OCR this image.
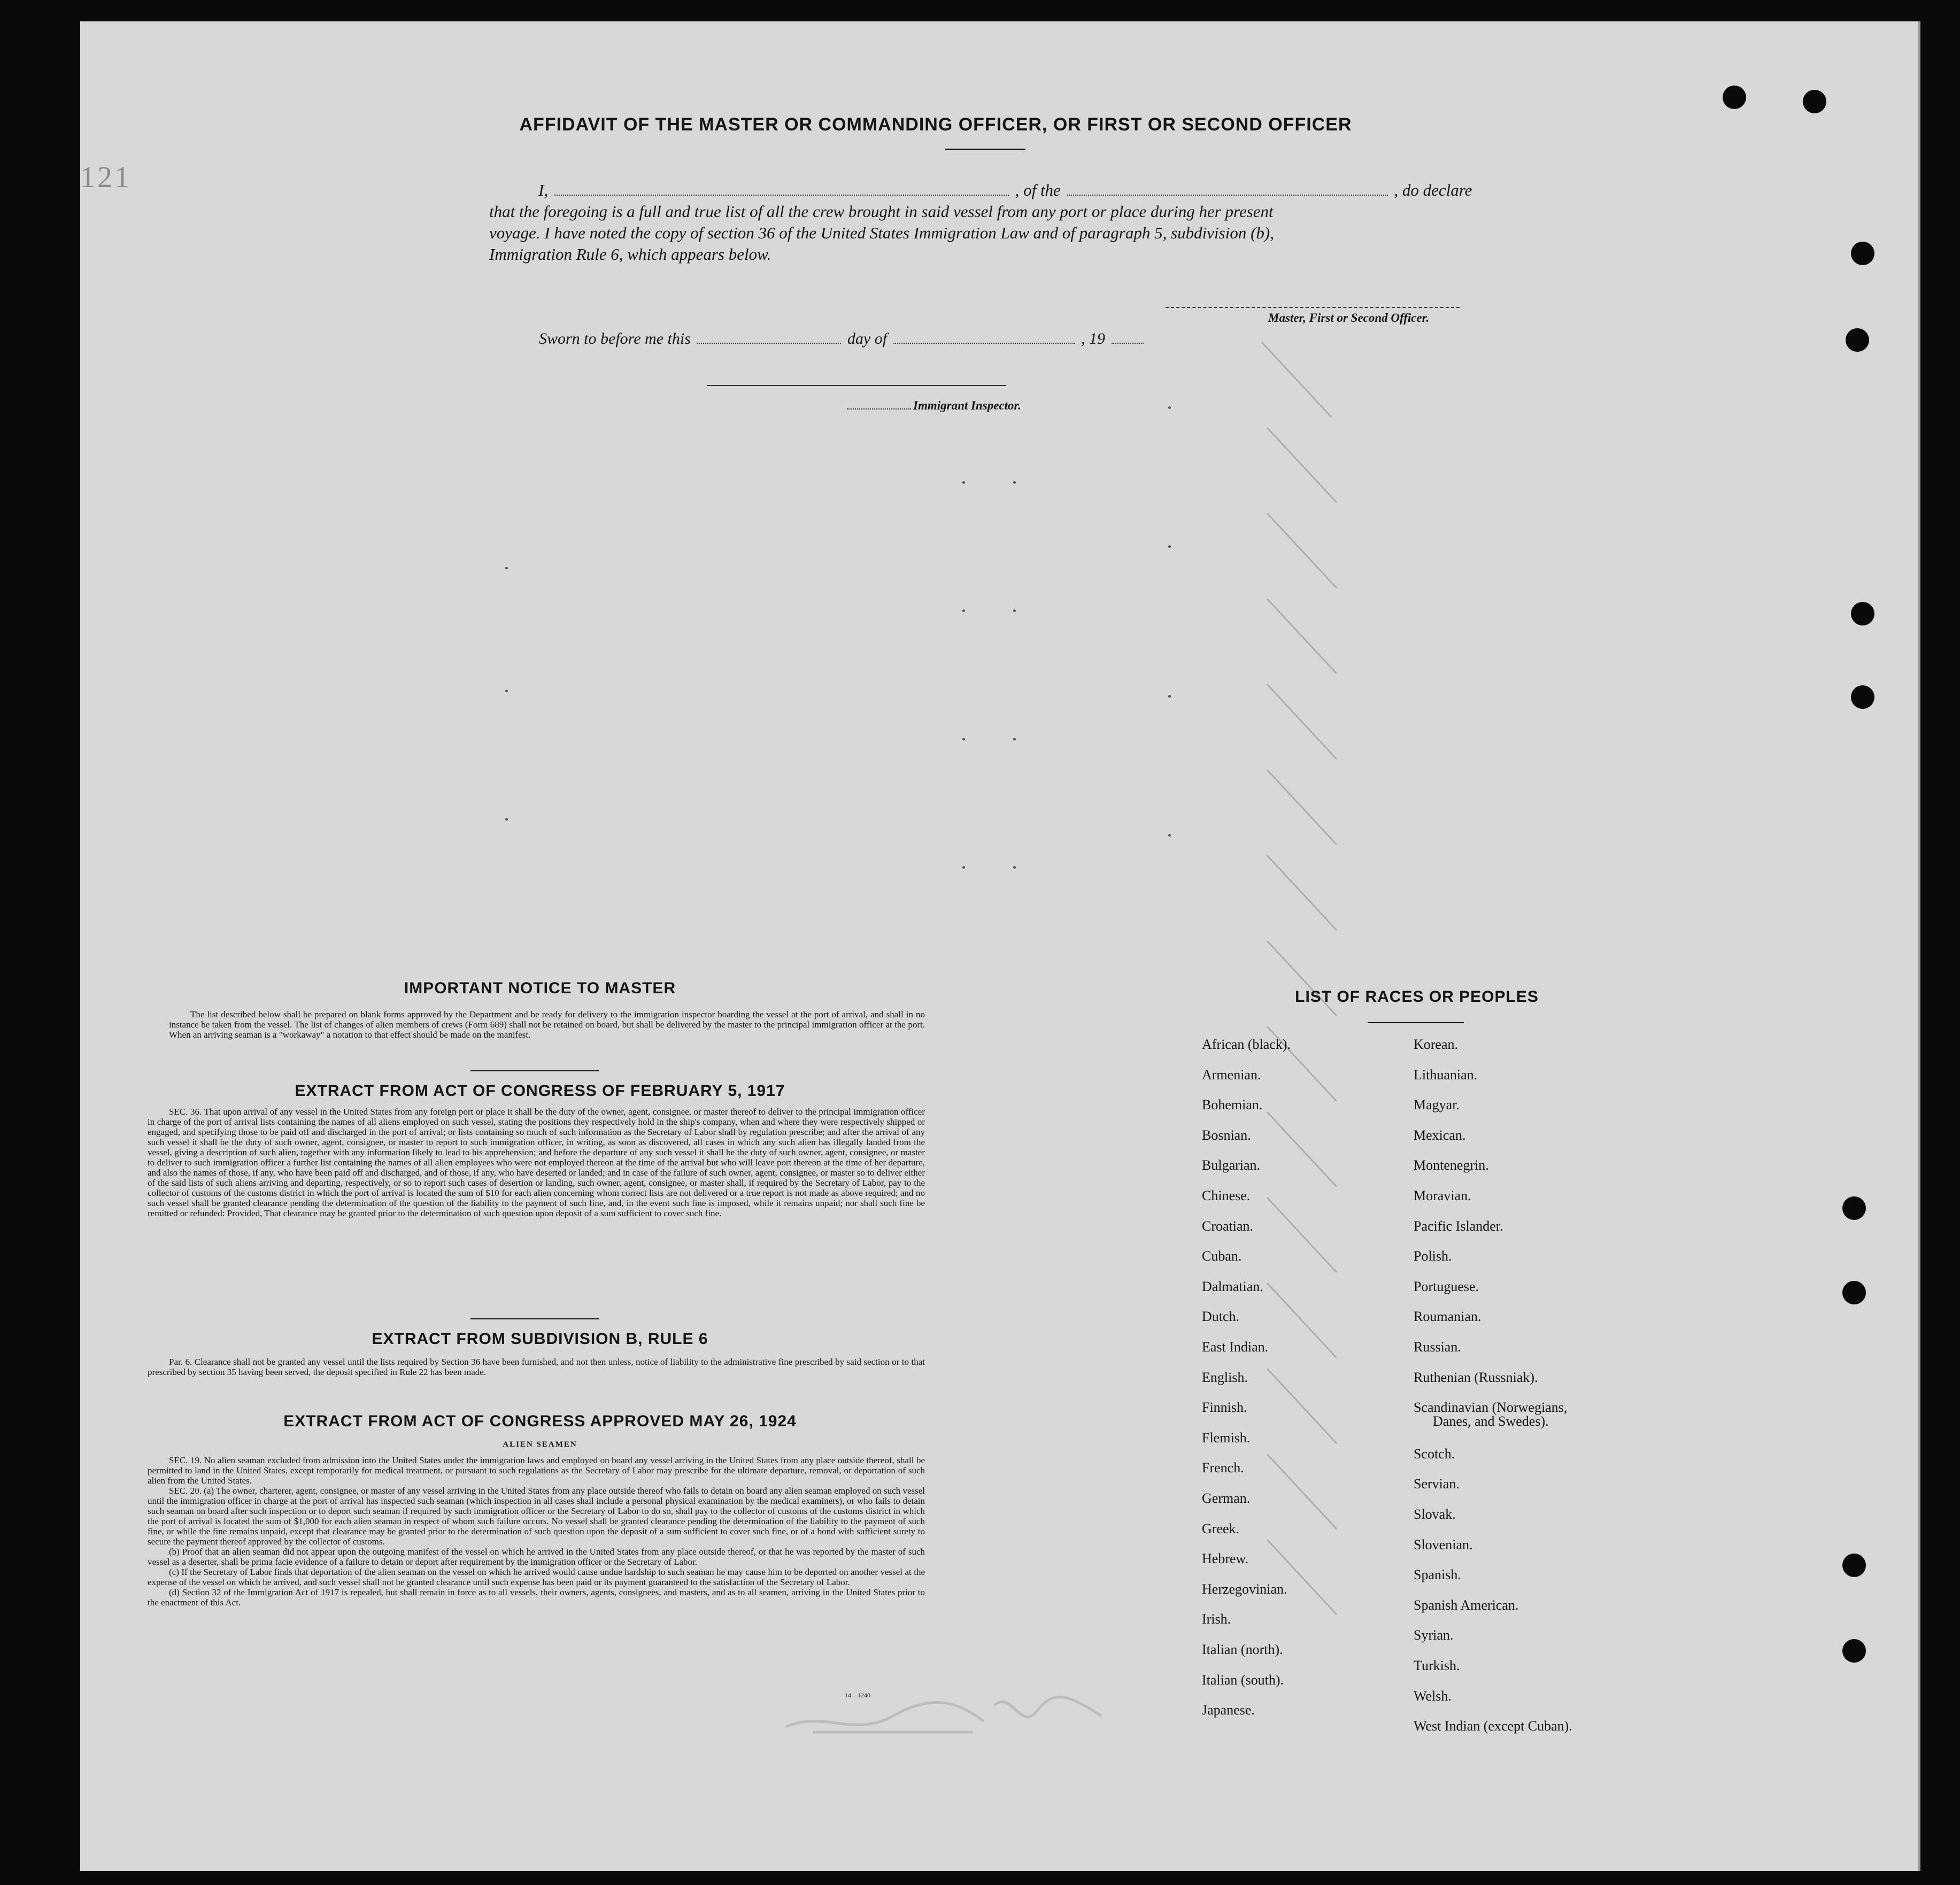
121
AFFIDAVIT OF THE MASTER OR COMMANDING OFFICER, OR FIRST OR SECOND OFFICER
I,	, of the	, do declare
that the foregoing is a full and true list of all the crew brought in said vessel from any port or place during her present
voyage. I have noted the copy of section 36 of the United States Immigration Law and of paragraph 5, subdivision (b),
Immigration Rule 6, which appears below.
Master, First or Second Officer.
Sworn to before me this	day of	, 19
Immigrant Inspector.
IMPORTANT NOTICE TO MASTER

The list described below shall be prepared on blank forms approved by the Department and be ready for delivery to the immigration inspector boarding the vessel at the port of arrival, and shall in no instance be taken from the vessel. The list of changes of alien members of crews (Form 689) shall not be retained on board, but shall be delivered by the master to the principal immigration officer at the port. When an arriving seaman is a "workaway" a notation to that effect should be made on the manifest.

EXTRACT FROM ACT OF CONGRESS OF FEBRUARY 5, 1917

SEC. 36. That upon arrival of any vessel in the United States from any foreign port or place it shall be the duty of the owner, agent, consignee, or master thereof to deliver to the principal immigration officer in charge of the port of arrival lists containing the names of all aliens employed on such vessel, stating the positions they respectively hold in the ship's company, when and where they were respectively shipped or engaged, and specifying those to be paid off and discharged in the port of arrival; or lists containing so much of such information as the Secretary of Labor shall by regulation prescribe; and after the arrival of any such vessel it shall be the duty of such owner, agent, consignee, or master to report to such immigration officer, in writing, as soon as discovered, all cases in which any such alien has illegally landed from the vessel, giving a description of such alien, together with any information likely to lead to his apprehension; and before the departure of any such vessel it shall be the duty of such owner, agent, consignee, or master to deliver to such immigration officer a further list containing the names of all alien employees who were not employed thereon at the time of the arrival but who will leave port thereon at the time of her departure, and also the names of those, if any, who have been paid off and discharged, and of those, if any, who have deserted or landed; and in case of the failure of such owner, agent, consignee, or master so to deliver either of the said lists of such aliens arriving and departing, respectively, or so to report such cases of desertion or landing, such owner, agent, consignee, or master shall, if required by the Secretary of Labor, pay to the collector of customs of the customs district in which the port of arrival is located the sum of $10 for each alien concerning whom correct lists are not delivered or a true report is not made as above required; and no such vessel shall be granted clearance pending the determination of the question of the liability to the payment of such fine, and, in the event such fine is imposed, while it remains unpaid; nor shall such fine be remitted or refunded: Provided, That clearance may be granted prior to the determination of such question upon deposit of a sum sufficient to cover such fine.

EXTRACT FROM SUBDIVISION B, RULE 6

Par. 6. Clearance shall not be granted any vessel until the lists required by Section 36 have been furnished, and not then unless, notice of liability to the administrative fine prescribed by said section or to that prescribed by section 35 having been served, the deposit specified in Rule 22 has been made.

EXTRACT FROM ACT OF CONGRESS APPROVED MAY 26, 1924
ALIEN SEAMEN

SEC. 19. No alien seaman excluded from admission into the United States under the immigration laws and employed on board any vessel arriving in the United States from any place outside thereof, shall be permitted to land in the United States, except temporarily for medical treatment, or pursuant to such regulations as the Secretary of Labor may prescribe for the ultimate departure, removal, or deportation of such alien from the United States.

SEC. 20. (a) The owner, charterer, agent, consignee, or master of any vessel arriving in the United States from any place outside thereof who fails to detain on board any alien seaman employed on such vessel until the immigration officer in charge at the port of arrival has inspected such seaman (which inspection in all cases shall include a personal physical examination by the medical examiners), or who fails to detain such seaman on board after such inspection or to deport such seaman if required by such immigration officer or the Secretary of Labor to do so, shall pay to the collector of customs of the customs district in which the port of arrival is located the sum of $1,000 for each alien seaman in respect of whom such failure occurs. No vessel shall be granted clearance pending the determination of the liability to the payment of such fine, or while the fine remains unpaid, except that clearance may be granted prior to the determination of such question upon the deposit of a sum sufficient to cover such fine, or of a bond with sufficient surety to secure the payment thereof approved by the collector of customs.

(b) Proof that an alien seaman did not appear upon the outgoing manifest of the vessel on which he arrived in the United States from any place outside thereof, or that he was reported by the master of such vessel as a deserter, shall be prima facie evidence of a failure to detain or deport after requirement by the immigration officer or the Secretary of Labor.

(c) If the Secretary of Labor finds that deportation of the alien seaman on the vessel on which he arrived would cause undue hardship to such seaman he may cause him to be deported on another vessel at the expense of the vessel on which he arrived, and such vessel shall not be granted clearance until such expense has been paid or its payment guaranteed to the satisfaction of the Secretary of Labor.

(d) Section 32 of the Immigration Act of 1917 is repealed, but shall remain in force as to all vessels, their owners, agents, consignees, and masters, and as to all seamen, arriving in the United States prior to the enactment of this Act.

14—1240
LIST OF RACES OR PEOPLES
African (black).
Armenian.
Bohemian.
Bosnian.
Bulgarian.
Chinese.
Croatian.
Cuban.
Dalmatian.
Dutch.
East Indian.
English.
Finnish.
Flemish.
French.
German.
Greek.
Hebrew.
Herzegovinian.
Irish.
Italian (north).
Italian (south).
Japanese.
Korean.
Lithuanian.
Magyar.
Mexican.
Montenegrin.
Moravian.
Pacific Islander.
Polish.
Portuguese.
Roumanian.
Russian.
Ruthenian (Russniak).
Scandinavian (Norwegians,
Danes, and Swedes).
Scotch.
Servian.
Slovak.
Slovenian.
Spanish.
Spanish American.
Syrian.
Turkish.
Welsh.
West Indian (except Cuban).
